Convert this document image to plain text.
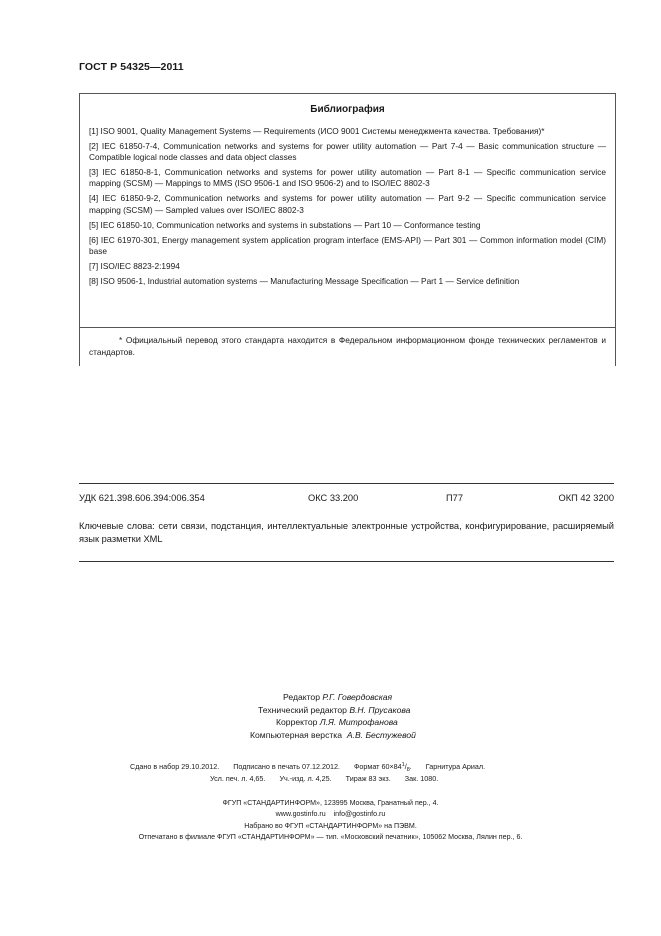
ГОСТ Р 54325—2011
Библиография
[1] ISO 9001, Quality Management Systems — Requirements (ИСО 9001 Системы менеджмента качества. Требования)*
[2] IEC 61850-7-4, Communication networks and systems for power utility automation — Part 7-4 — Basic communication structure — Compatible logical node classes and data object classes
[3] IEC 61850-8-1, Communication networks and systems for power utility automation — Part 8-1 — Specific communication service mapping (SCSM) — Mappings to MMS (ISO 9506-1 and ISO 9506-2) and to ISO/IEC 8802-3
[4] IEC 61850-9-2, Communication networks and systems for power utility automation — Part 9-2 — Specific communication service mapping (SCSM) — Sampled values over ISO/IEC 8802-3
[5] IEC 61850-10, Communication networks and systems in substations — Part 10 — Conformance testing
[6] IEC 61970-301, Energy management system application program interface (EMS-API) — Part 301 — Common information model (CIM) base
[7] ISO/IEC 8823-2:1994
[8] ISO 9506-1, Industrial automation systems — Manufacturing Message Specification — Part 1 — Service definition
* Официальный перевод этого стандарта находится в Федеральном информационном фонде технических регламентов и стандартов.
УДК 621.398.606.394:006.354	ОКС 33.200	П77	ОКП 42 3200
Ключевые слова: сети связи, подстанция, интеллектуальные электронные устройства, конфигурирование, расширяемый язык разметки XML
Редактор Р.Г. Говердовская
Технический редактор В.Н. Прусакова
Корректор Л.Я. Митрофанова
Компьютерная верстка А.В. Бестужевой
Сдано в набор 29.10.2012. Подписано в печать 07.12.2012. Формат $60\times 84^1/_8$. Гарнитура Ариал.
Усл. печ. л. 4,65. Уч.-изд. л. 4,25. Тираж 83 экз. Зак. 1080.
ФГУП «СТАНДАРТИНФОРМ», 123995 Москва, Гранатный пер., 4.
www.gostinfo.ru info@gostinfo.ru
Набрано во ФГУП «СТАНДАРТИНФОРМ» на ПЭВМ.
Отпечатано в филиале ФГУП «СТАНДАРТИНФОРМ» — тип. «Московский печатник», 105062 Москва, Лялин пер., 6.
